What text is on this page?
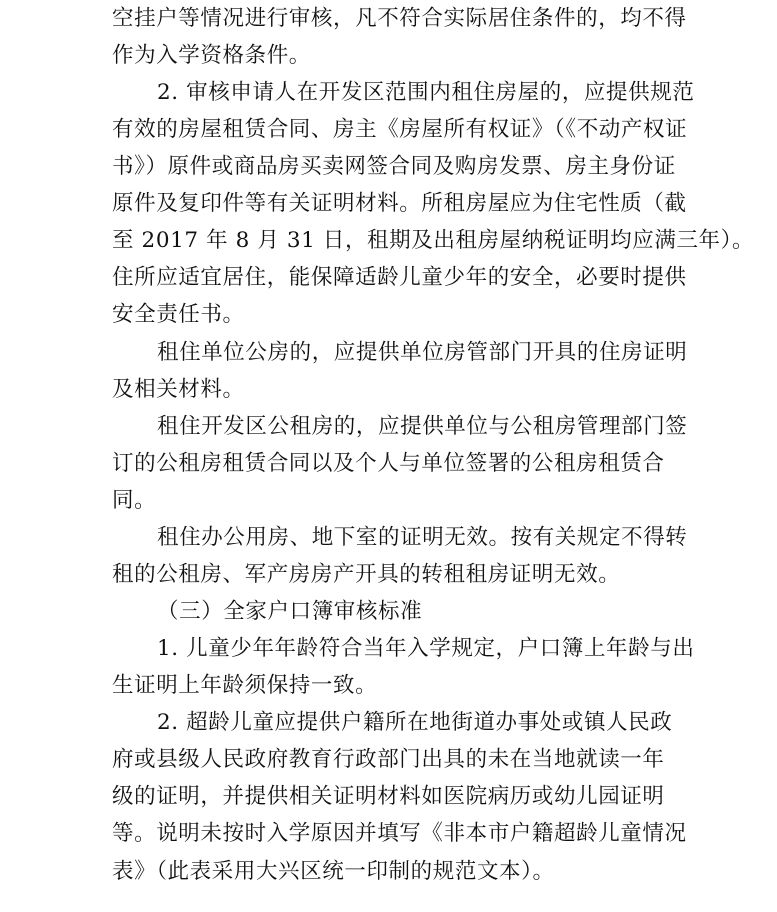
空挂户等情况进行审核，凡不符合实际居住条件的，均不得
作为入学资格条件。
2. 审核申请人在开发区范围内租住房屋的，应提供规范
有效的房屋租赁合同、房主《房屋所有权证》（《不动产权证
书》）原件或商品房买卖网签合同及购房发票、房主身份证
原件及复印件等有关证明材料。所租房屋应为住宅性质（截
至 2017 年 8 月 31 日，租期及出租房屋纳税证明均应满三年）。
住所应适宜居住，能保障适龄儿童少年的安全，必要时提供
安全责任书。
租住单位公房的，应提供单位房管部门开具的住房证明
及相关材料。
租住开发区公租房的，应提供单位与公租房管理部门签
订的公租房租赁合同以及个人与单位签署的公租房租赁合
同。
租住办公用房、地下室的证明无效。按有关规定不得转
租的公租房、军产房房产开具的转租租房证明无效。
（三）全家户口簿审核标准
1. 儿童少年年龄符合当年入学规定，户口簿上年龄与出
生证明上年龄须保持一致。
2. 超龄儿童应提供户籍所在地街道办事处或镇人民政
府或县级人民政府教育行政部门出具的未在当地就读一年
级的证明，并提供相关证明材料如医院病历或幼儿园证明
等。说明未按时入学原因并填写《非本市户籍超龄儿童情况
表》（此表采用大兴区统一印制的规范文本）。
